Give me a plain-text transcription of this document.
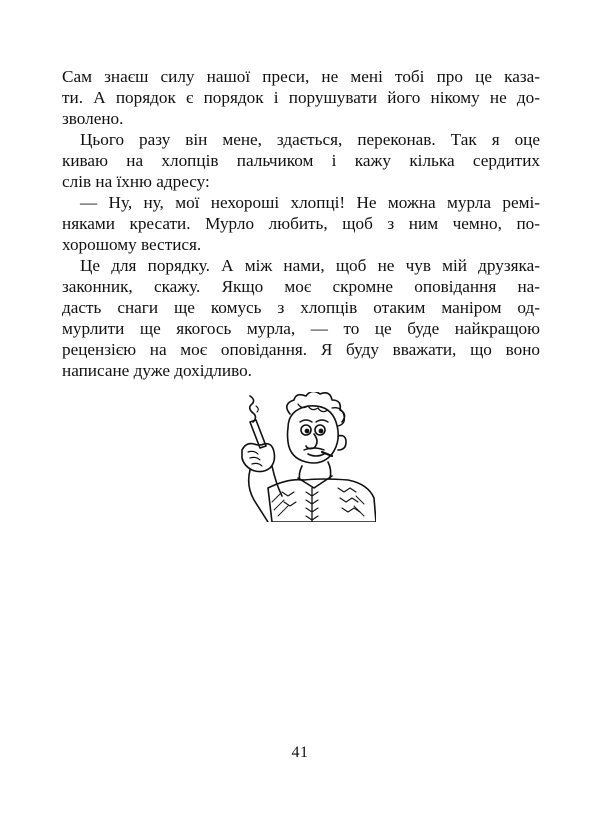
Сам знаєш силу нашої преси, не мені тобі про це каза-
ти. А порядок є порядок і порушувати його нікому не до-
зволено.
Цього разу він мене, здається, переконав. Так я оце
киваю на хлопців пальчиком і кажу кілька сердитих
слів на їхню адресу:
— Ну, ну, мої нехороші хлопці! Не можна мурла ремі-
няками кресати. Мурло любить, щоб з ним чемно, по-
хорошому вестися.
Це для порядку. А між нами, щоб не чув мій друзяка-
законник, скажу. Якщо моє скромне оповідання на-
дасть снаги ще комусь з хлопців отаким маніром од-
мурлити ще якогось мурла, — то це буде найкращою
рецензією на моє оповідання. Я буду вважати, що воно
написане дуже дохідливо.
41
